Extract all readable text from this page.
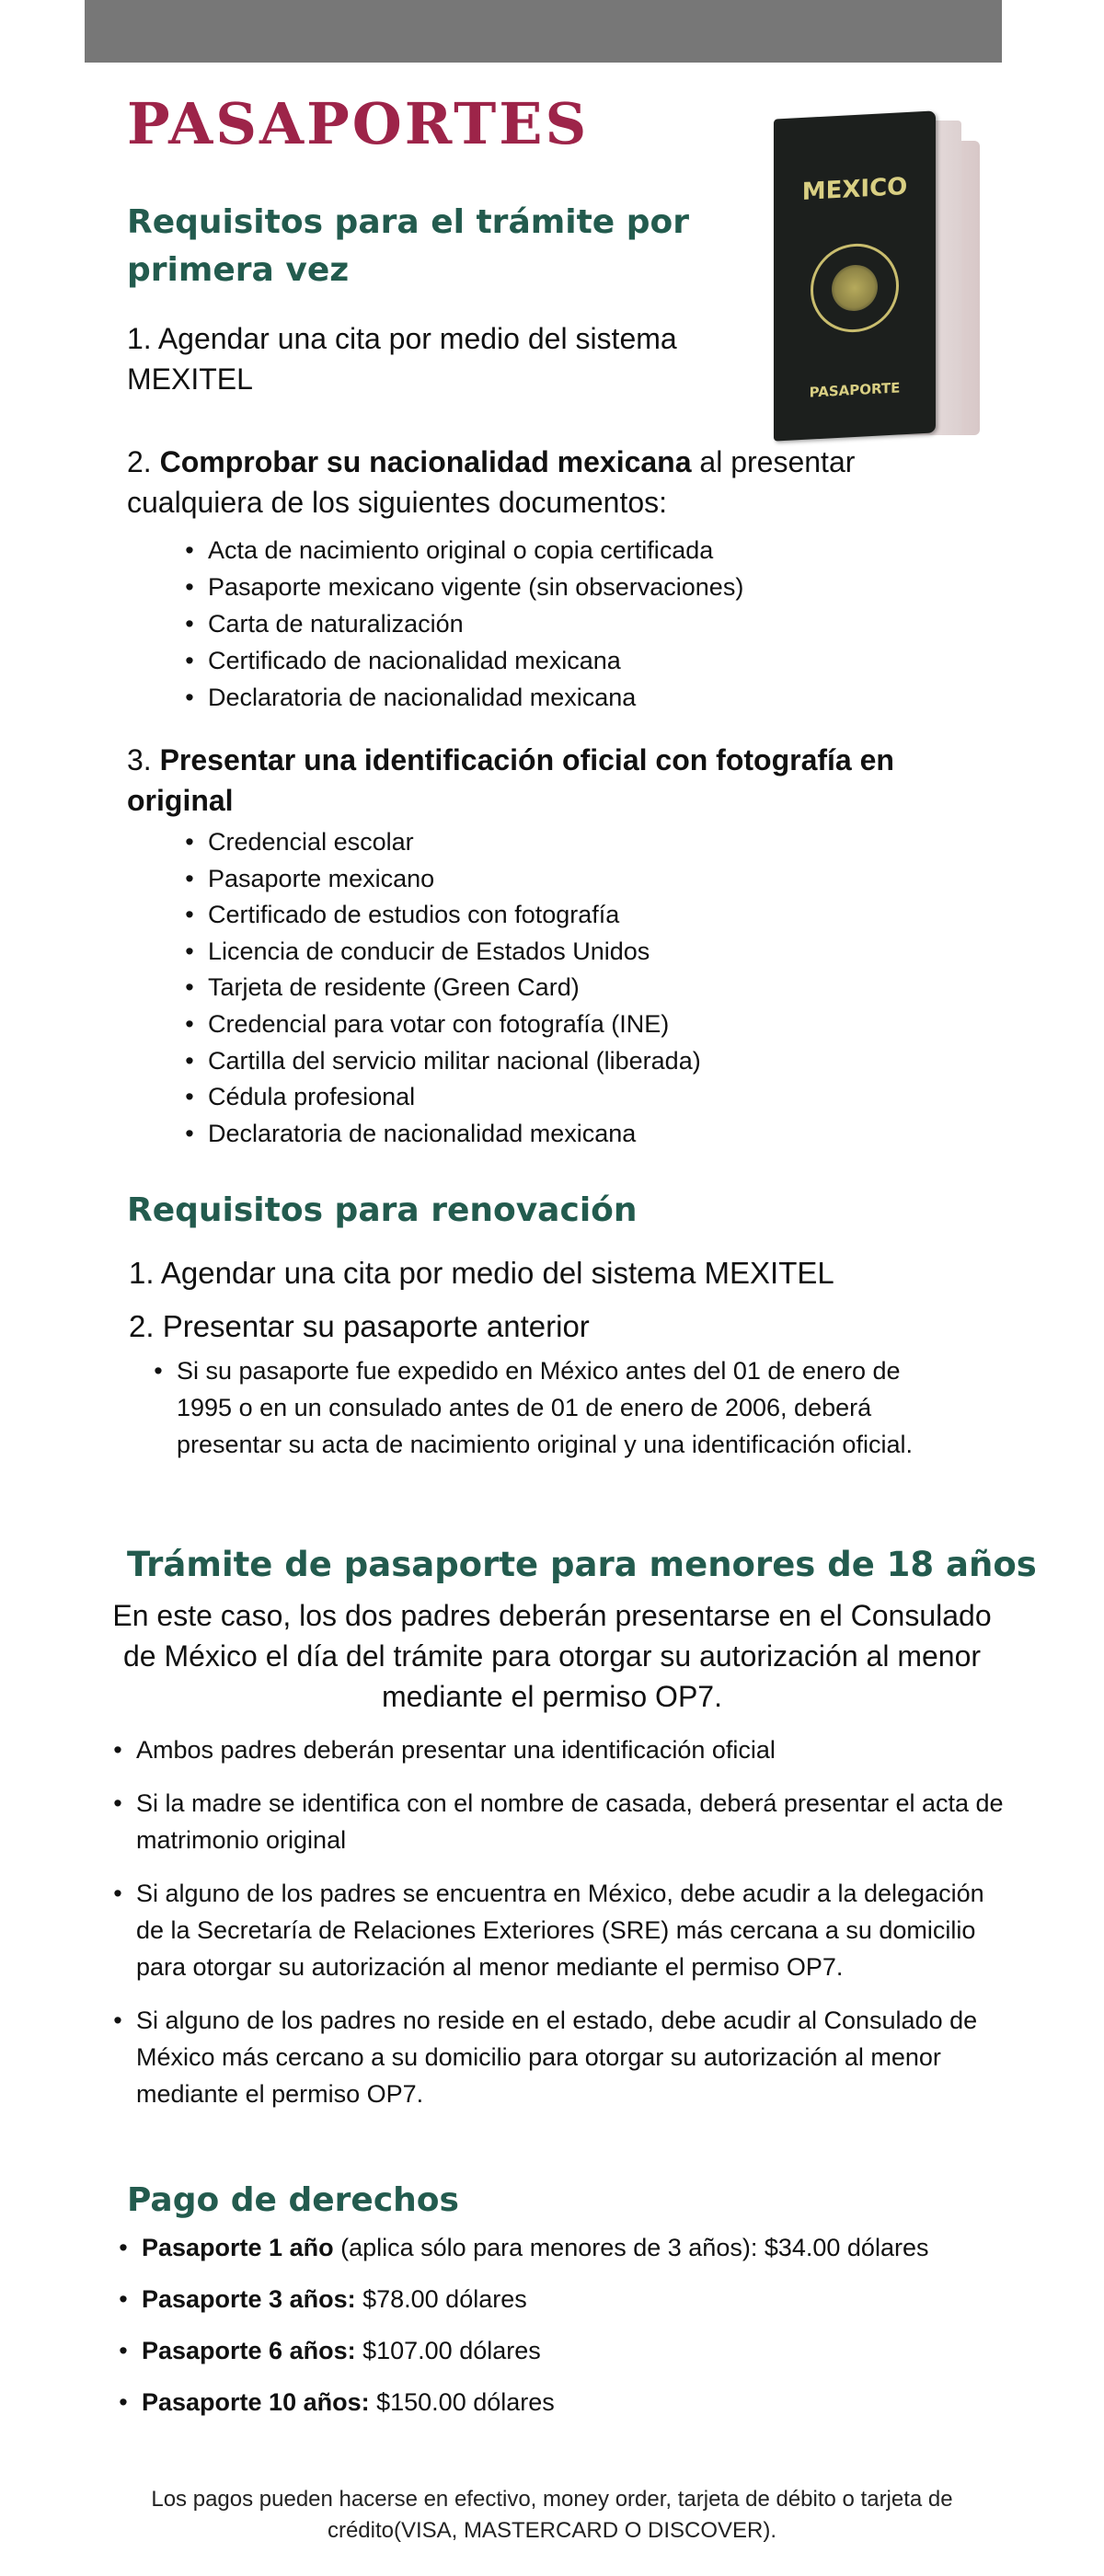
PASAPORTES
MEXICO
PASAPORTE
Requisitos para el trámite por primera vez

1. Agendar una cita por medio del sistema MEXITEL

2. Comprobar su nacionalidad mexicana al presentar cualquiera de los siguientes documentos:

• Acta de nacimiento original o copia certificada
• Pasaporte mexicano vigente (sin observaciones)
• Carta de naturalización
• Certificado de nacionalidad mexicana
• Declaratoria de nacionalidad mexicana

3. Presentar una identificación oficial con fotografía en original

• Credencial escolar
• Pasaporte mexicano
• Certificado de estudios con fotografía
• Licencia de conducir de Estados Unidos
• Tarjeta de residente (Green Card)
• Credencial para votar con fotografía (INE)
• Cartilla del servicio militar nacional (liberada)
• Cédula profesional
• Declaratoria de nacionalidad mexicana
Requisitos para renovación

1. Agendar una cita por medio del sistema MEXITEL

2. Presentar su pasaporte anterior

• Si su pasaporte fue expedido en México antes del 01 de enero de 1995 o en un consulado antes de 01 de enero de 2006, deberá presentar su acta de nacimiento original y una identificación oficial.
Trámite de pasaporte para menores de 18 años

En este caso, los dos padres deberán presentarse en el Consulado de México el día del trámite para otorgar su autorización al menor mediante el permiso OP7.

• Ambos padres deberán presentar una identificación oficial
• Si la madre se identifica con el nombre de casada, deberá presentar el acta de matrimonio original
• Si alguno de los padres se encuentra en México, debe acudir a la delegación de la Secretaría de Relaciones Exteriores (SRE) más cercana a su domicilio para otorgar su autorización al menor mediante el permiso OP7.
• Si alguno de los padres no reside en el estado, debe acudir al Consulado de México más cercano a su domicilio para otorgar su autorización al menor mediante el permiso OP7.
Pago de derechos
• Pasaporte 1 año (aplica sólo para menores de 3 años): $34.00 dólares
• Pasaporte 3 años: $78.00 dólares
• Pasaporte 6 años: $107.00 dólares
• Pasaporte 10 años: $150.00 dólares

Los pagos pueden hacerse en efectivo, money order, tarjeta de débito o tarjeta de crédito(VISA, MASTERCARD O DISCOVER).
